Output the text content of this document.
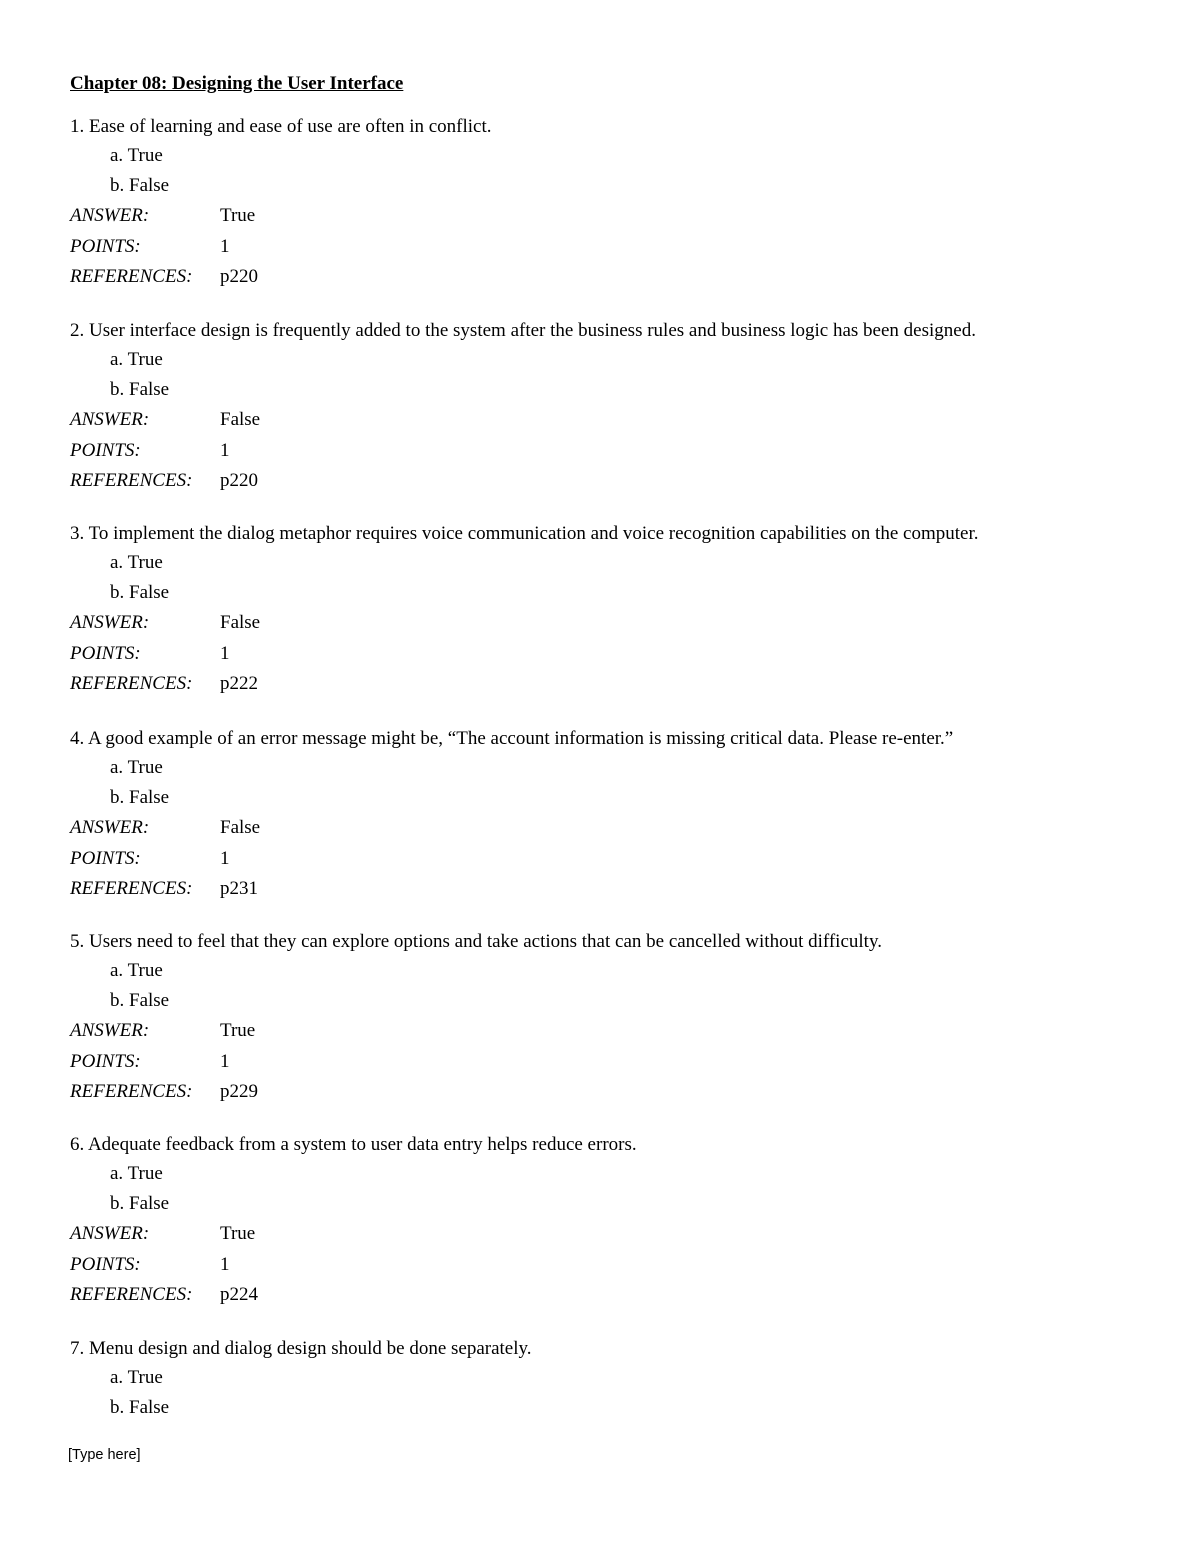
Chapter 08: Designing the User Interface
1. Ease of learning and ease of use are often in conflict.
a. True
b. False
ANSWER:	True
POINTS:	1
REFERENCES:	p220
2. User interface design is frequently added to the system after the business rules and business logic has been designed.
a. True
b. False
ANSWER:	False
POINTS:	1
REFERENCES:	p220
3. To implement the dialog metaphor requires voice communication and voice recognition capabilities on the computer.
a. True
b. False
ANSWER:	False
POINTS:	1
REFERENCES:	p222
4. A good example of an error message might be, “The account information is missing critical data. Please re-enter.”
a. True
b. False
ANSWER:	False
POINTS:	1
REFERENCES:	p231
5. Users need to feel that they can explore options and take actions that can be cancelled without difficulty.
a. True
b. False
ANSWER:	True
POINTS:	1
REFERENCES:	p229
6. Adequate feedback from a system to user data entry helps reduce errors.
a. True
b. False
ANSWER:	True
POINTS:	1
REFERENCES:	p224
7. Menu design and dialog design should be done separately.
a. True
b. False
[Type here]
